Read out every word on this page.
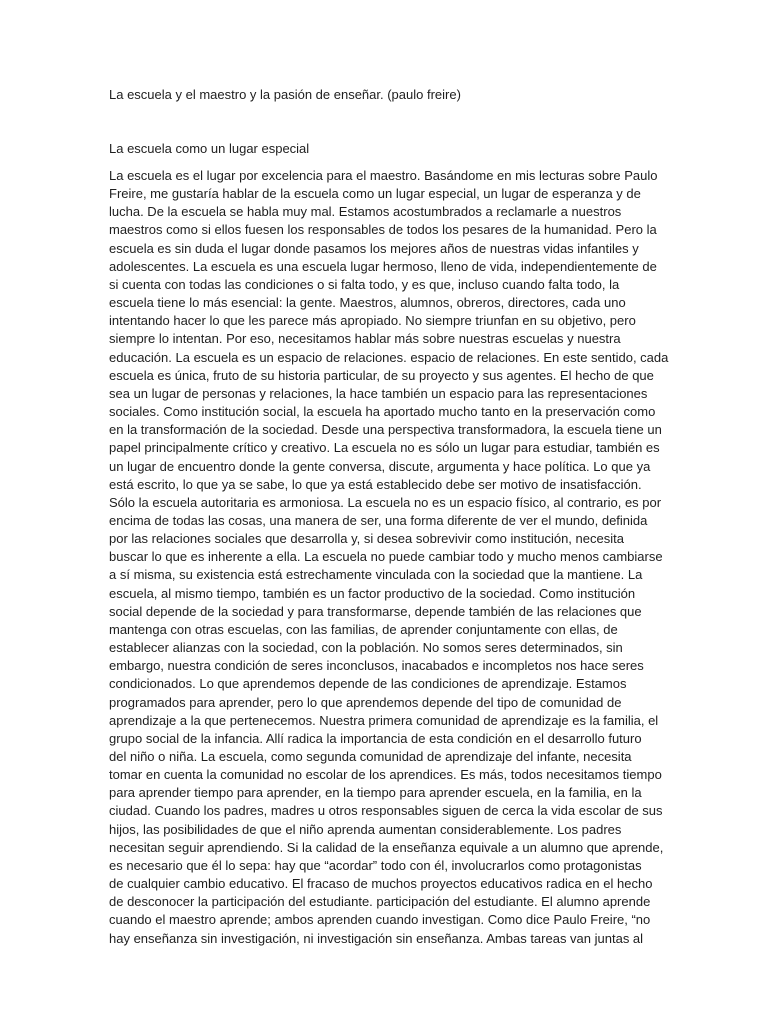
La escuela y el maestro y la pasión de enseñar. (paulo freire)
La escuela como un lugar especial
La escuela es el lugar por excelencia para el maestro. Basándome en mis lecturas sobre Paulo
Freire, me gustaría hablar de la escuela como un lugar especial, un lugar de esperanza y de
lucha. De la escuela se habla muy mal. Estamos acostumbrados a reclamarle a nuestros
maestros como si ellos fuesen los responsables de todos los pesares de la humanidad. Pero la
escuela es sin duda el lugar donde pasamos los mejores años de nuestras vidas infantiles y
adolescentes. La escuela es una escuela lugar hermoso, lleno de vida, independientemente de
si cuenta con todas las condiciones o si falta todo, y es que, incluso cuando falta todo, la
escuela tiene lo más esencial: la gente. Maestros, alumnos, obreros, directores, cada uno
intentando hacer lo que les parece más apropiado. No siempre triunfan en su objetivo, pero
siempre lo intentan. Por eso, necesitamos hablar más sobre nuestras escuelas y nuestra
educación. La escuela es un espacio de relaciones. espacio de relaciones. En este sentido, cada
escuela es única, fruto de su historia particular, de su proyecto y sus agentes. El hecho de que
sea un lugar de personas y relaciones, la hace también un espacio para las representaciones
sociales. Como institución social, la escuela ha aportado mucho tanto en la preservación como
en la transformación de la sociedad. Desde una perspectiva transformadora, la escuela tiene un
papel principalmente crítico y creativo. La escuela no es sólo un lugar para estudiar, también es
un lugar de encuentro donde la gente conversa, discute, argumenta y hace política. Lo que ya
está escrito, lo que ya se sabe, lo que ya está establecido debe ser motivo de insatisfacción.
Sólo la escuela autoritaria es armoniosa. La escuela no es un espacio físico, al contrario, es por
encima de todas las cosas, una manera de ser, una forma diferente de ver el mundo, definida
por las relaciones sociales que desarrolla y, si desea sobrevivir como institución, necesita
buscar lo que es inherente a ella. La escuela no puede cambiar todo y mucho menos cambiarse
a sí misma, su existencia está estrechamente vinculada con la sociedad que la mantiene. La
escuela, al mismo tiempo, también es un factor productivo de la sociedad. Como institución
social depende de la sociedad y para transformarse, depende también de las relaciones que
mantenga con otras escuelas, con las familias, de aprender conjuntamente con ellas, de
establecer alianzas con la sociedad, con la población. No somos seres determinados, sin
embargo, nuestra condición de seres inconclusos, inacabados e incompletos nos hace seres
condicionados. Lo que aprendemos depende de las condiciones de aprendizaje. Estamos
programados para aprender, pero lo que aprendemos depende del tipo de comunidad de
aprendizaje a la que pertenecemos. Nuestra primera comunidad de aprendizaje es la familia, el
grupo social de la infancia. Allí radica la importancia de esta condición en el desarrollo futuro
del niño o niña. La escuela, como segunda comunidad de aprendizaje del infante, necesita
tomar en cuenta la comunidad no escolar de los aprendices. Es más, todos necesitamos tiempo
para aprender tiempo para aprender, en la tiempo para aprender escuela, en la familia, en la
ciudad. Cuando los padres, madres u otros responsables siguen de cerca la vida escolar de sus
hijos, las posibilidades de que el niño aprenda aumentan considerablemente. Los padres
necesitan seguir aprendiendo. Si la calidad de la enseñanza equivale a un alumno que aprende,
es necesario que él lo sepa: hay que “acordar” todo con él, involucrarlos como protagonistas
de cualquier cambio educativo. El fracaso de muchos proyectos educativos radica en el hecho
de desconocer la participación del estudiante. participación del estudiante. El alumno aprende
cuando el maestro aprende; ambos aprenden cuando investigan. Como dice Paulo Freire, “no
hay enseñanza sin investigación, ni investigación sin enseñanza. Ambas tareas van juntas al
